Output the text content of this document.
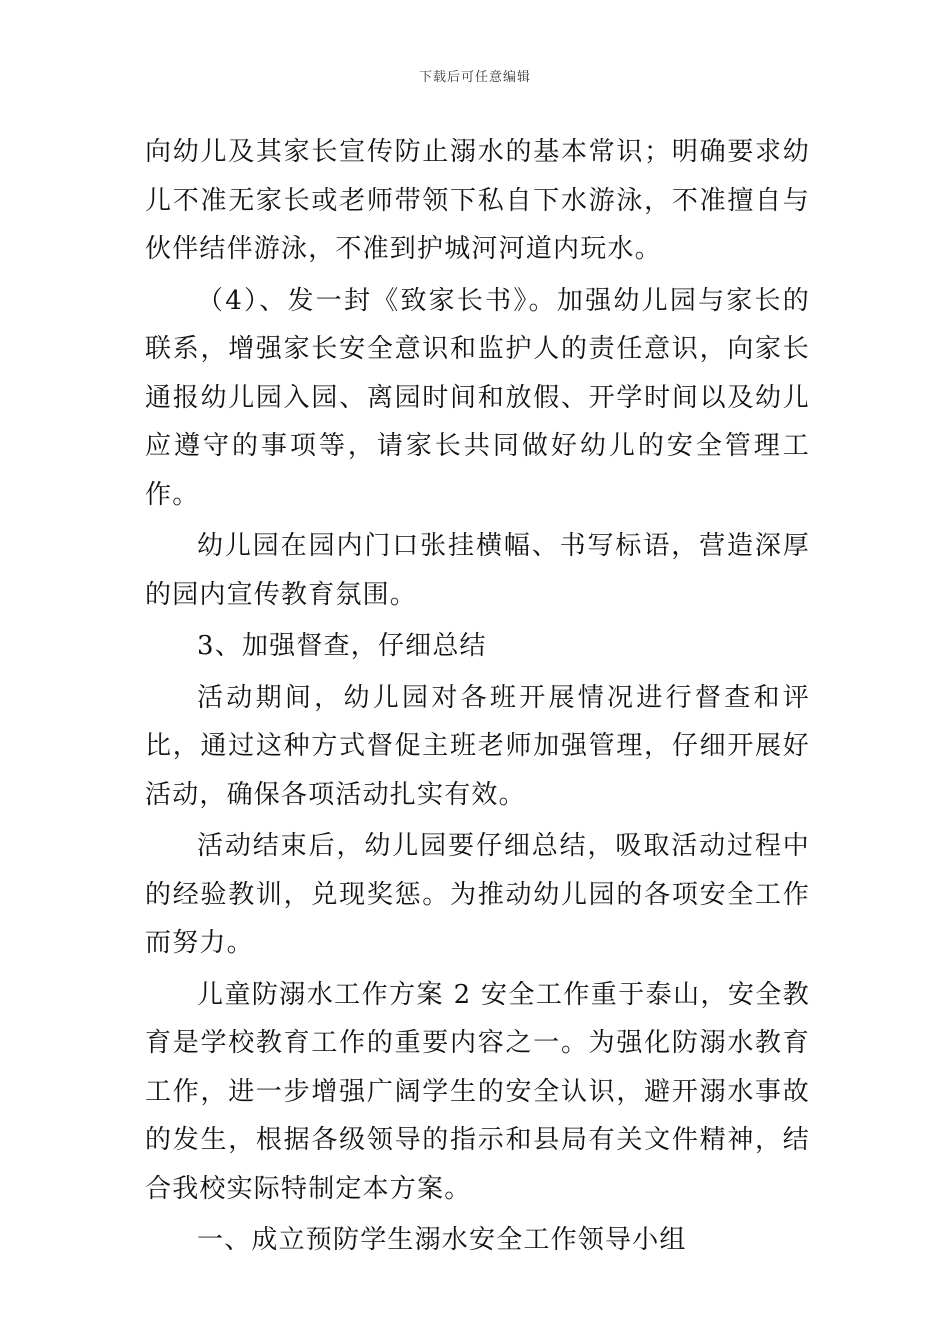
下载后可任意编辑

向幼儿及其家长宣传防止溺水的基本常识；明确要求幼儿不准无家长或老师带领下私自下水游泳，不准擅自与伙伴结伴游泳，不准到护城河河道内玩水。

（4）、发一封《致家长书》。加强幼儿园与家长的联系，增强家长安全意识和监护人的责任意识，向家长通报幼儿园入园、离园时间和放假、开学时间以及幼儿应遵守的事项等，请家长共同做好幼儿的安全管理工作。

幼儿园在园内门口张挂横幅、书写标语，营造深厚的园内宣传教育氛围。

3、加强督查，仔细总结

活动期间，幼儿园对各班开展情况进行督查和评比，通过这种方式督促主班老师加强管理，仔细开展好活动，确保各项活动扎实有效。

活动结束后，幼儿园要仔细总结，吸取活动过程中的经验教训，兑现奖惩。为推动幼儿园的各项安全工作而努力。

儿童防溺水工作方案 2 安全工作重于泰山，安全教育是学校教育工作的重要内容之一。为强化防溺水教育工作，进一步增强广阔学生的安全认识，避开溺水事故的发生，根据各级领导的指示和县局有关文件精神，结合我校实际特制定本方案。

一、成立预防学生溺水安全工作领导小组
